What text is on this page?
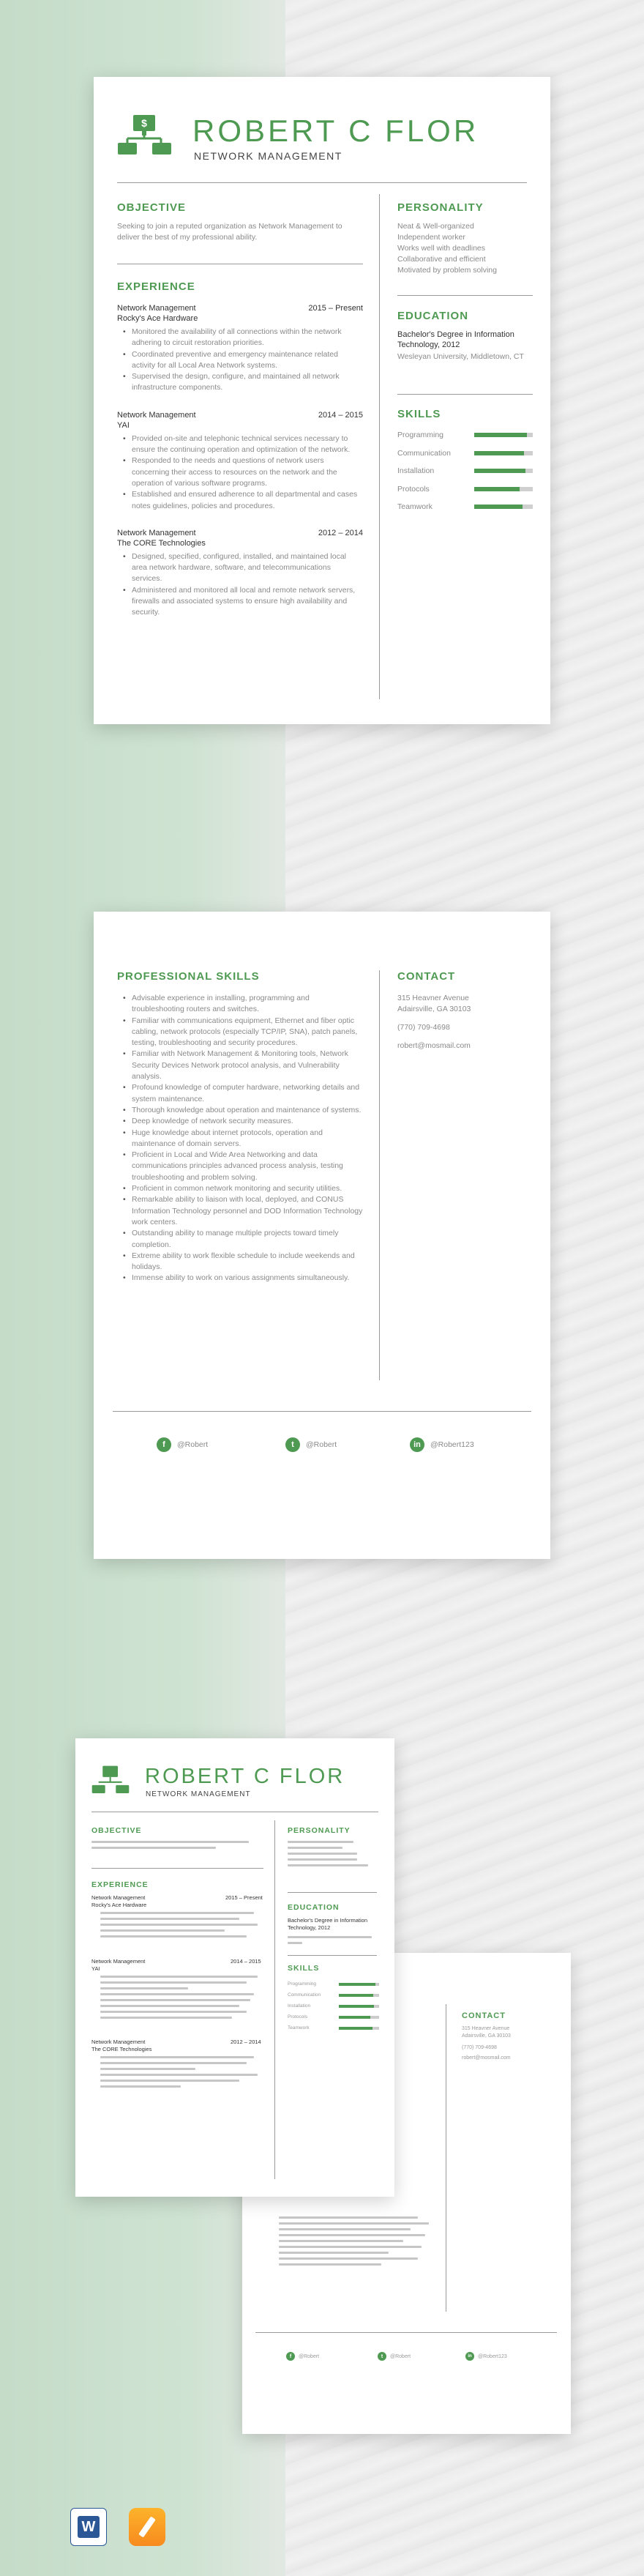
$ ROBERT C FLOR
NETWORK MANAGEMENT
OBJECTIVE
Seeking to join a reputed organization as Network Management to deliver the best of my professional ability.
EXPERIENCE
Network Management	2015 – Present
Rocky's Ace Hardware
• Monitored the availability of all connections within the network adhering to circuit restoration priorities.
• Coordinated preventive and emergency maintenance related activity for all Local Area Network systems.
• Supervised the design, configure, and maintained all network infrastructure components.
Network Management	2014 – 2015
YAI
• Provided on-site and telephonic technical services necessary to ensure the continuing operation and optimization of the network.
• Responded to the needs and questions of network users concerning their access to resources on the network and the operation of various software programs.
• Established and ensured adherence to all departmental and cases notes guidelines, policies and procedures.
Network Management	2012 – 2014
The CORE Technologies
• Designed, specified, configured, installed, and maintained local area network hardware, software, and telecommunications services.
• Administered and monitored all local and remote network servers, firewalls and associated systems to ensure high availability and security.
PERSONALITY
Neat & Well-organized
Independent worker
Works well with deadlines
Collaborative and efficient
Motivated by problem solving
EDUCATION
Bachelor's Degree in Information Technology, 2012
Wesleyan University, Middletown, CT
SKILLS
Programming
Communication
Installation
Protocols
Teamwork
PROFESSIONAL SKILLS
• Advisable experience in installing, programming and troubleshooting routers and switches.
• Familiar with communications equipment, Ethernet and fiber optic cabling, network protocols (especially TCP/IP, SNA), patch panels, testing, troubleshooting and security procedures.
• Familiar with Network Management & Monitoring tools, Network Security Devices Network protocol analysis, and Vulnerability analysis.
• Profound knowledge of computer hardware, networking details and system maintenance.
• Thorough knowledge about operation and maintenance of systems.
• Deep knowledge of network security measures.
• Huge knowledge about internet protocols, operation and maintenance of domain servers.
• Proficient in Local and Wide Area Networking and data communications principles advanced process analysis, testing troubleshooting and problem solving.
• Proficient in common network monitoring and security utilities.
• Remarkable ability to liaison with local, deployed, and CONUS Information Technology personnel and DOD Information Technology work centers.
• Outstanding ability to manage multiple projects toward timely completion.
• Extreme ability to work flexible schedule to include weekends and holidays.
• Immense ability to work on various assignments simultaneously.
CONTACT
315 Heavner Avenue
Adairsville, GA 30103
(770) 709-4698
robert@mosmail.com
f	@Robert	t	@Robert	in	@Robert123
CONTACT
315 Heavner Avenue
Adairsville, GA 30103
(770) 709-4698
robert@mosmail.com
f	@Robert	t	@Robert	in	@Robert123
ROBERT C FLOR
NETWORK MANAGEMENT
OBJECTIVE
EXPERIENCE
Network Management	2015 – Present
Rocky's Ace Hardware
Network Management	2014 – 2015
YAI
Network Management	2012 – 2014
The CORE Technologies
PERSONALITY
EDUCATION
Bachelor's Degree in Information Technology, 2012
SKILLS
Programming
Communication
Installation
Protocols
Teamwork
W
